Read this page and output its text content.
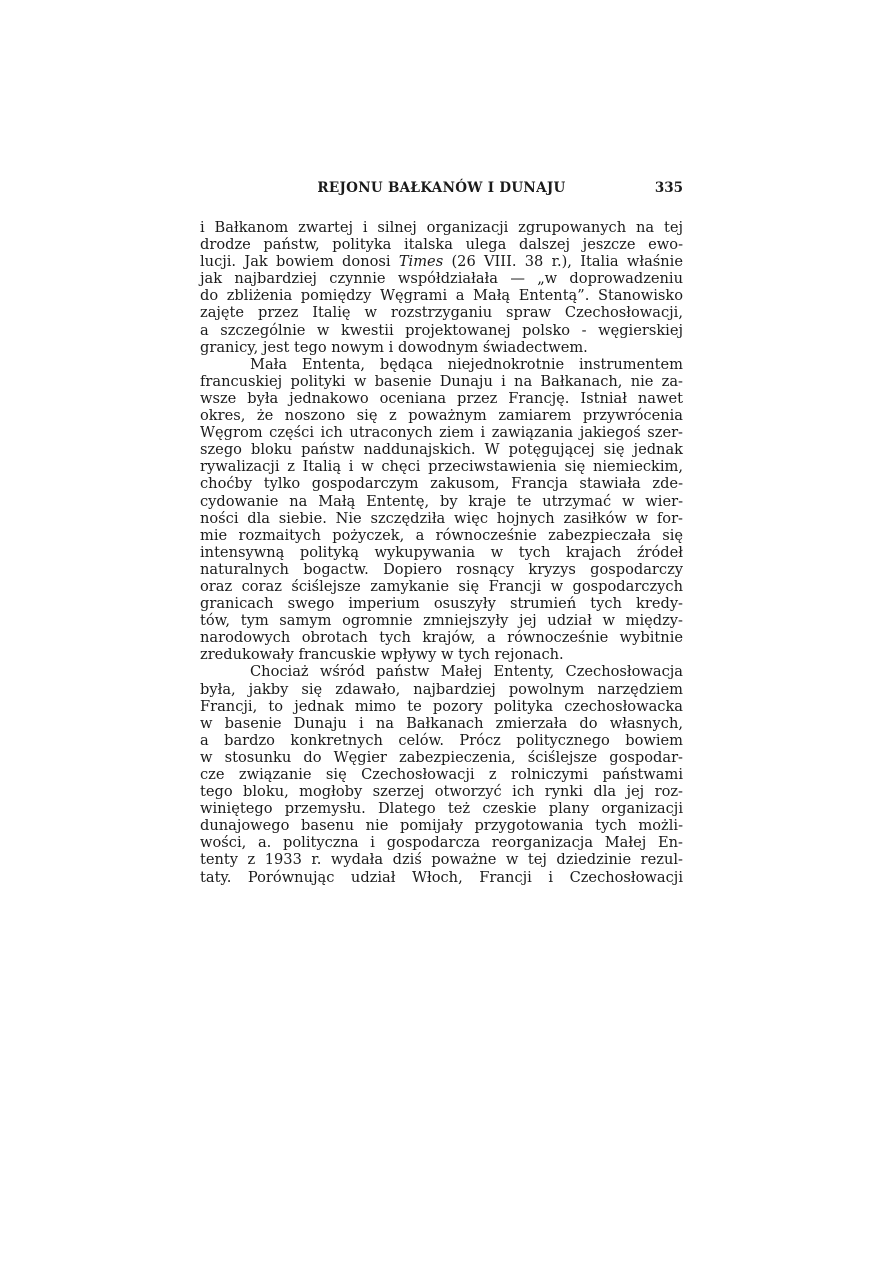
REJONU BAŁKANÓW I DUNAJU	335
i Bałkanom zwartej i silnej organizacji zgrupowanych na tej
drodze państw, polityka italska ulega dalszej jeszcze ewo-
lucji. Jak bowiem donosi Times (26 VIII. 38 r.), Italia właśnie
jak najbardziej czynnie współdziałała — „w doprowadzeniu
do zbliżenia pomiędzy Węgrami a Małą Ententą”. Stanowisko
zajęte przez Italię w rozstrzyganiu spraw Czechosłowacji,
a szczególnie w kwestii projektowanej polsko - węgierskiej
granicy, jest tego nowym i dowodnym świadectwem.
Mała Ententa, będąca niejednokrotnie instrumentem
francuskiej polityki w basenie Dunaju i na Bałkanach, nie za-
wsze była jednakowo oceniana przez Francję. Istniał nawet
okres, że noszono się z poważnym zamiarem przywrócenia
Węgrom części ich utraconych ziem i zawiązania jakiegoś szer-
szego bloku państw naddunajskich. W potęgującej się jednak
rywalizacji z Italią i w chęci przeciwstawienia się niemieckim,
choćby tylko gospodarczym zakusom, Francja stawiała zde-
cydowanie na Małą Ententę, by kraje te utrzymać w wier-
ności dla siebie. Nie szczędziła więc hojnych zasiłków w for-
mie rozmaitych pożyczek, a równocześnie zabezpieczała się
intensywną polityką wykupywania w tych krajach źródeł
naturalnych bogactw. Dopiero rosnący kryzys gospodarczy
oraz coraz ściślejsze zamykanie się Francji w gospodarczych
granicach swego imperium osuszyły strumień tych kredy-
tów, tym samym ogromnie zmniejszyły jej udział w między-
narodowych obrotach tych krajów, a równocześnie wybitnie
zredukowały francuskie wpływy w tych rejonach.
Chociaż wśród państw Małej Ententy, Czechosłowacja
była, jakby się zdawało, najbardziej powolnym narzędziem
Francji, to jednak mimo te pozory polityka czechosłowacka
w basenie Dunaju i na Bałkanach zmierzała do własnych,
a bardzo konkretnych celów. Prócz politycznego bowiem
w stosunku do Węgier zabezpieczenia, ściślejsze gospodar-
cze związanie się Czechosłowacji z rolniczymi państwami
tego bloku, mogłoby szerzej otworzyć ich rynki dla jej roz-
winiętego przemysłu. Dlatego też czeskie plany organizacji
dunajowego basenu nie pomijały przygotowania tych możli-
wości, a. polityczna i gospodarcza reorganizacja Małej En-
tenty z 1933 r. wydała dziś poważne w tej dziedzinie rezul-
taty. Porównując udział Włoch, Francji i Czechosłowacji
